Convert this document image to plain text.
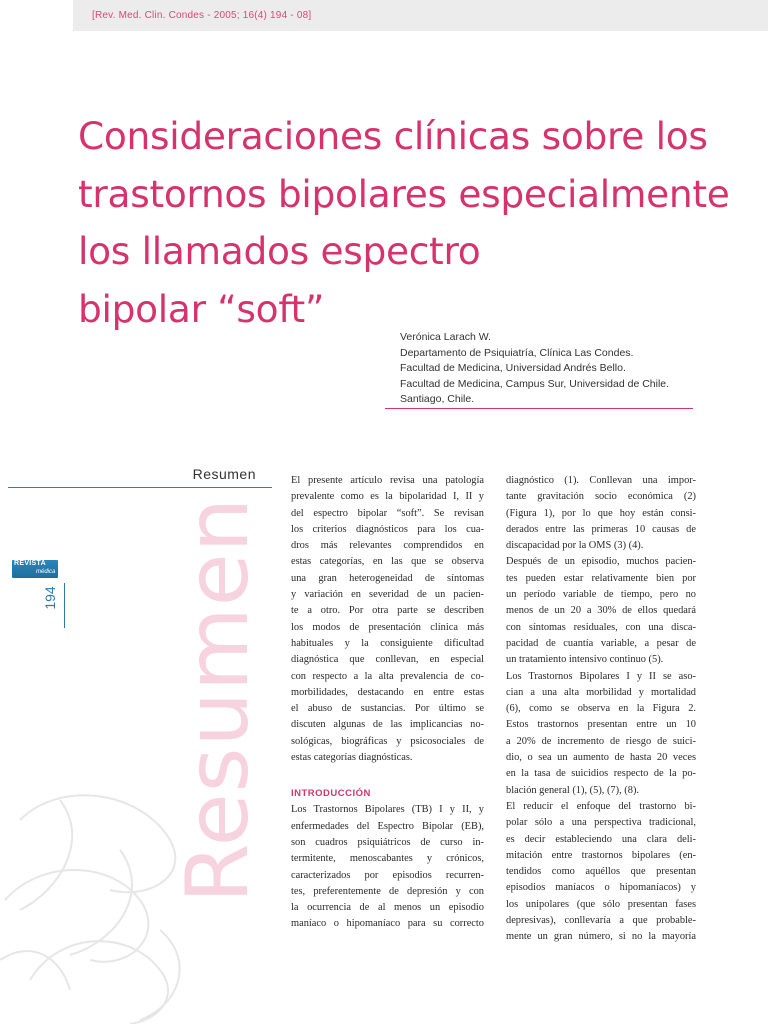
[Rev. Med. Clin. Condes - 2005; 16(4) 194 - 08]
Consideraciones clínicas sobre los
trastornos bipolares especialmente
los llamados espectro
bipolar “soft”
Verónica Larach W.
Departamento de Psiquiatría, Clínica Las Condes.
Facultad de Medicina, Universidad Andrés Bello.
Facultad de Medicina, Campus Sur, Universidad de Chile.
Santiago, Chile.
Resumen
Resumen
REVISTA
médica
194

El presente artículo revisa una patología
prevalente como es la bipolaridad I, II y
del espectro bipolar “soft”. Se revisan
los criterios diagnósticos para los cua-
dros más relevantes comprendidos en
estas categorías, en las que se observa
una gran heterogeneidad de síntomas
y variación en severidad de un pacien-
te a otro. Por otra parte se describen
los modos de presentación clínica más
habituales y la consiguiente dificultad
diagnóstica que conllevan, en especial
con respecto a la alta prevalencia de co-
morbilidades, destacando en entre estas
el abuso de sustancias. Por último se
discuten algunas de las implicancias no-
sológicas, biográficas y psicosociales de
estas categorías diagnósticas.

INTRODUCCIÓN

Los Trastornos Bipolares (TB) I y II, y
enfermedades del Espectro Bipolar (EB),
son cuadros psiquiátricos de curso in-
termitente, menoscabantes y crónicos,
caracterizados por episodios recurren-
tes, preferentemente de depresión y con
la ocurrencia de al menos un episodio
maníaco o hipomaníaco para su correcto

diagnóstico (1). Conllevan una impor-
tante gravitación socio económica (2)
(Figura 1), por lo que hoy están consi-
derados entre las primeras 10 causas de
discapacidad por la OMS (3) (4).

Después de un episodio, muchos pacien-
tes pueden estar relativamente bien por
un período variable de tiempo, pero no
menos de un 20 a 30% de ellos quedará
con síntomas residuales, con una disca-
pacidad de cuantía variable, a pesar de
un tratamiento intensivo continuo (5).

Los Trastornos Bipolares I y II se aso-
cian a una alta morbilidad y mortalidad
(6), como se observa en la Figura 2.
Estos trastornos presentan entre un 10
a 20% de incremento de riesgo de suici-
dio, o sea un aumento de hasta 20 veces
en la tasa de suicidios respecto de la po-
blación general (1), (5), (7), (8).

El reducir el enfoque del trastorno bi-
polar sólo a una perspectiva tradicional,
es decir estableciendo una clara deli-
mitación entre trastornos bipolares (en-
tendidos como aquéllos que presentan
episodios maníacos o hipomaníacos) y
los unipolares (que sólo presentan fases
depresivas), conllevaría a que probable-
mente un gran número, si no la mayoría
